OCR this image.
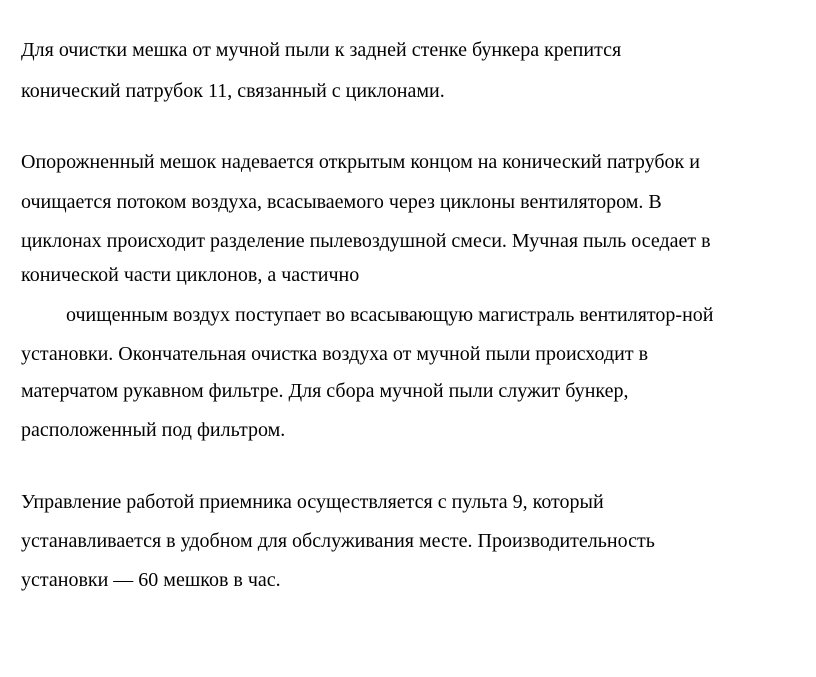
Для очистки мешка от мучной пыли к задней стенке бункера крепится
конический патрубок 11, связанный с циклонами.
Опорожненный мешок надевается открытым концом на конический патрубок и
очищается потоком воздуха, всасываемого через циклоны вентилятором. В
циклонах происходит разделение пылевоздушной смеси. Мучная пыль оседает в
конической части циклонов, а частично
очищенным воздух поступает во всасывающую магистраль вентилятор-ной
установки. Окончательная очистка воздуха от мучной пыли происходит в
матерчатом рукавном фильтре. Для сбора мучной пыли служит бункер,
расположенный под фильтром.
Управление работой приемника осуществляется с пульта 9, который
устанавливается в удобном для обслуживания месте. Производительность
установки — 60 мешков в час.
